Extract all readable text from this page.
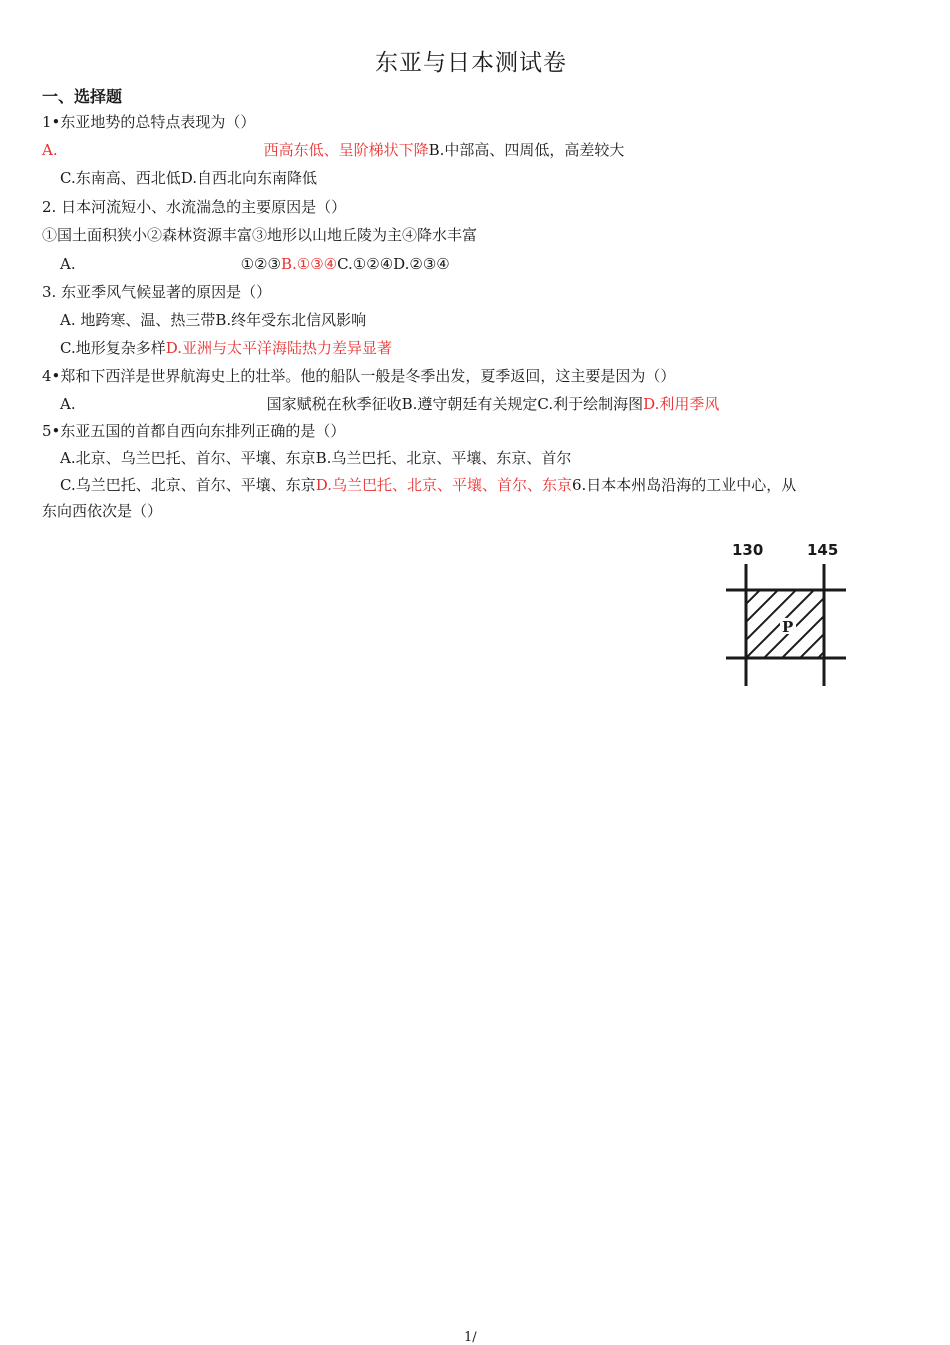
东亚与日本测试卷
一、选择题
1•东亚地势的总特点表现为（）
A.	西高东低、呈阶梯状下降B.中部高、四周低，高差较大
C.东南高、西北低D.自西北向东南降低
2. 日本河流短小、水流湍急的主要原因是（）
①国土面积狭小②森林资源丰富③地形以山地丘陵为主④降水丰富
A.	①②③B.①③④C.①②④D.②③④
3. 东亚季风气候显著的原因是（）
A. 地跨寒、温、热三带B.终年受东北信风影响
C.地形复杂多样D.亚洲与太平洋海陆热力差异显著
4•郑和下西洋是世界航海史上的壮举。他的船队一般是冬季出发，夏季返回，这主要是因为（）
A.	国家赋税在秋季征收B.遵守朝廷有关规定C.利于绘制海图D.利用季风
5•东亚五国的首都自西向东排列正确的是（）
A.北京、乌兰巴托、首尔、平壤、东京B.乌兰巴托、北京、平壤、东京、首尔
C.乌兰巴托、北京、首尔、平壤、东京D.乌兰巴托、北京、平壤、首尔、东京6.日本本州岛沿海的工业中心，从
东向西依次是（）
130	145
P
1/
